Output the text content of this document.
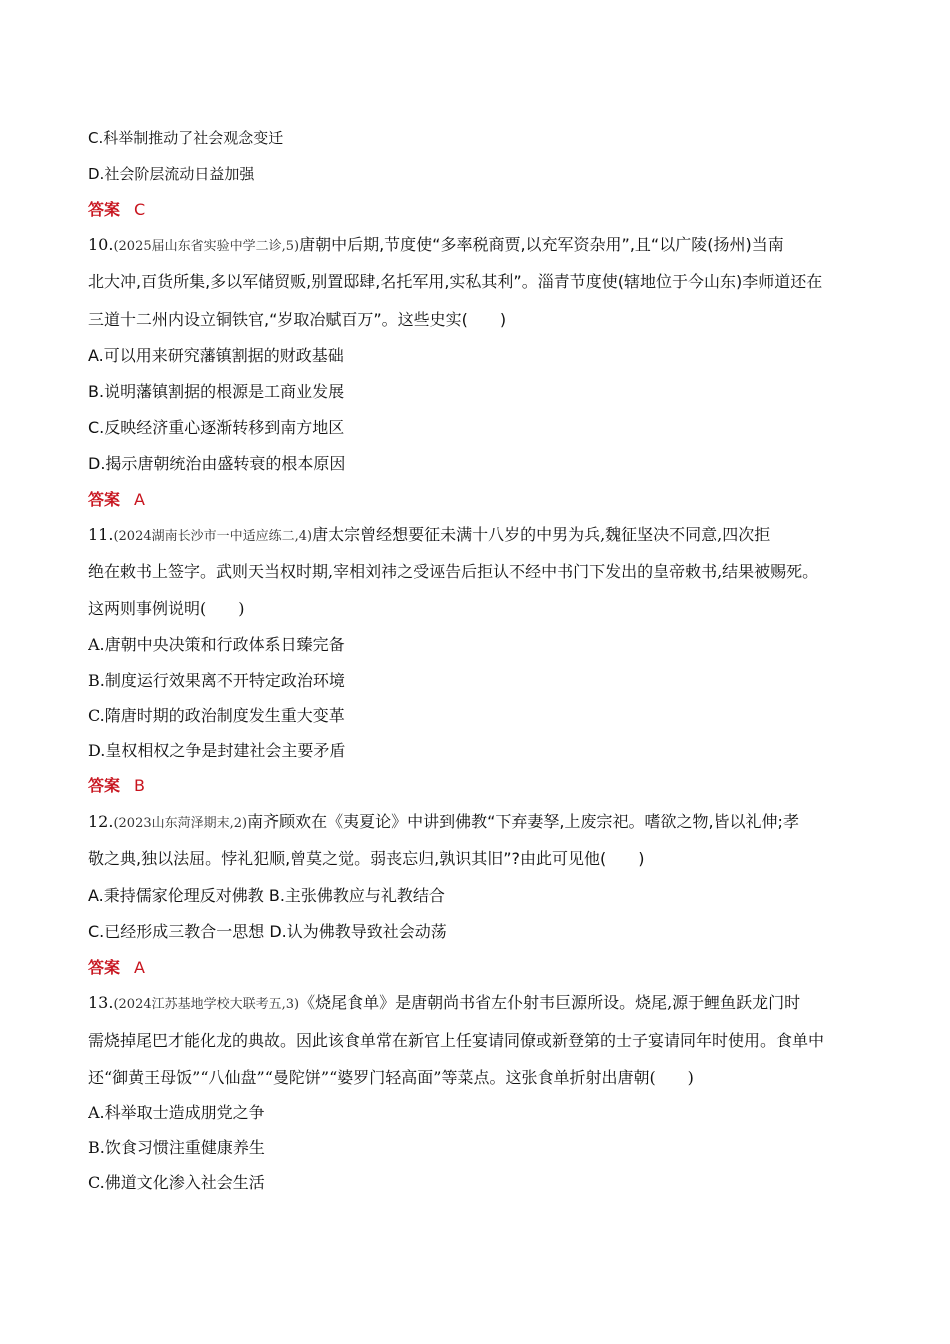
C.科举制推动了社会观念变迁
D.社会阶层流动日益加强
答案 C
10.(2025届山东省实验中学二诊,5)唐朝中后期,节度使“多率税商贾,以充军资杂用”,且“以广陵(扬州)当南
北大冲,百货所集,多以军储贸贩,别置邸肆,名托军用,实私其利”。淄青节度使(辖地位于今山东)李师道还在
三道十二州内设立铜铁官,“岁取冶赋百万”。这些史实(　　)
A.可以用来研究藩镇割据的财政基础
B.说明藩镇割据的根源是工商业发展
C.反映经济重心逐渐转移到南方地区
D.揭示唐朝统治由盛转衰的根本原因
答案 A
11.(2024湖南长沙市一中适应练二,4)唐太宗曾经想要征未满十八岁的中男为兵,魏征坚决不同意,四次拒
绝在敕书上签字。武则天当权时期,宰相刘祎之受诬告后拒认不经中书门下发出的皇帝敕书,结果被赐死。
这两则事例说明(　　)
A.唐朝中央决策和行政体系日臻完备
B.制度运行效果离不开特定政治环境
C.隋唐时期的政治制度发生重大变革
D.皇权相权之争是封建社会主要矛盾
答案 B
12.(2023山东菏泽期末,2)南齐顾欢在《夷夏论》中讲到佛教“下弃妻孥,上废宗祀。嗜欲之物,皆以礼伸;孝
敬之典,独以法屈。悖礼犯顺,曾莫之觉。弱丧忘归,孰识其旧”?由此可见他(　　)
A.秉持儒家伦理反对佛教 B.主张佛教应与礼教结合
C.已经形成三教合一思想 D.认为佛教导致社会动荡
答案 A
13.(2024江苏基地学校大联考五,3)《烧尾食单》是唐朝尚书省左仆射韦巨源所设。烧尾,源于鲤鱼跃龙门时
需烧掉尾巴才能化龙的典故。因此该食单常在新官上任宴请同僚或新登第的士子宴请同年时使用。食单中
还“御黄王母饭”“八仙盘”“曼陀饼”“婆罗门轻高面”等菜点。这张食单折射出唐朝(　　)
A.科举取士造成朋党之争
B.饮食习惯注重健康养生
C.佛道文化渗入社会生活
